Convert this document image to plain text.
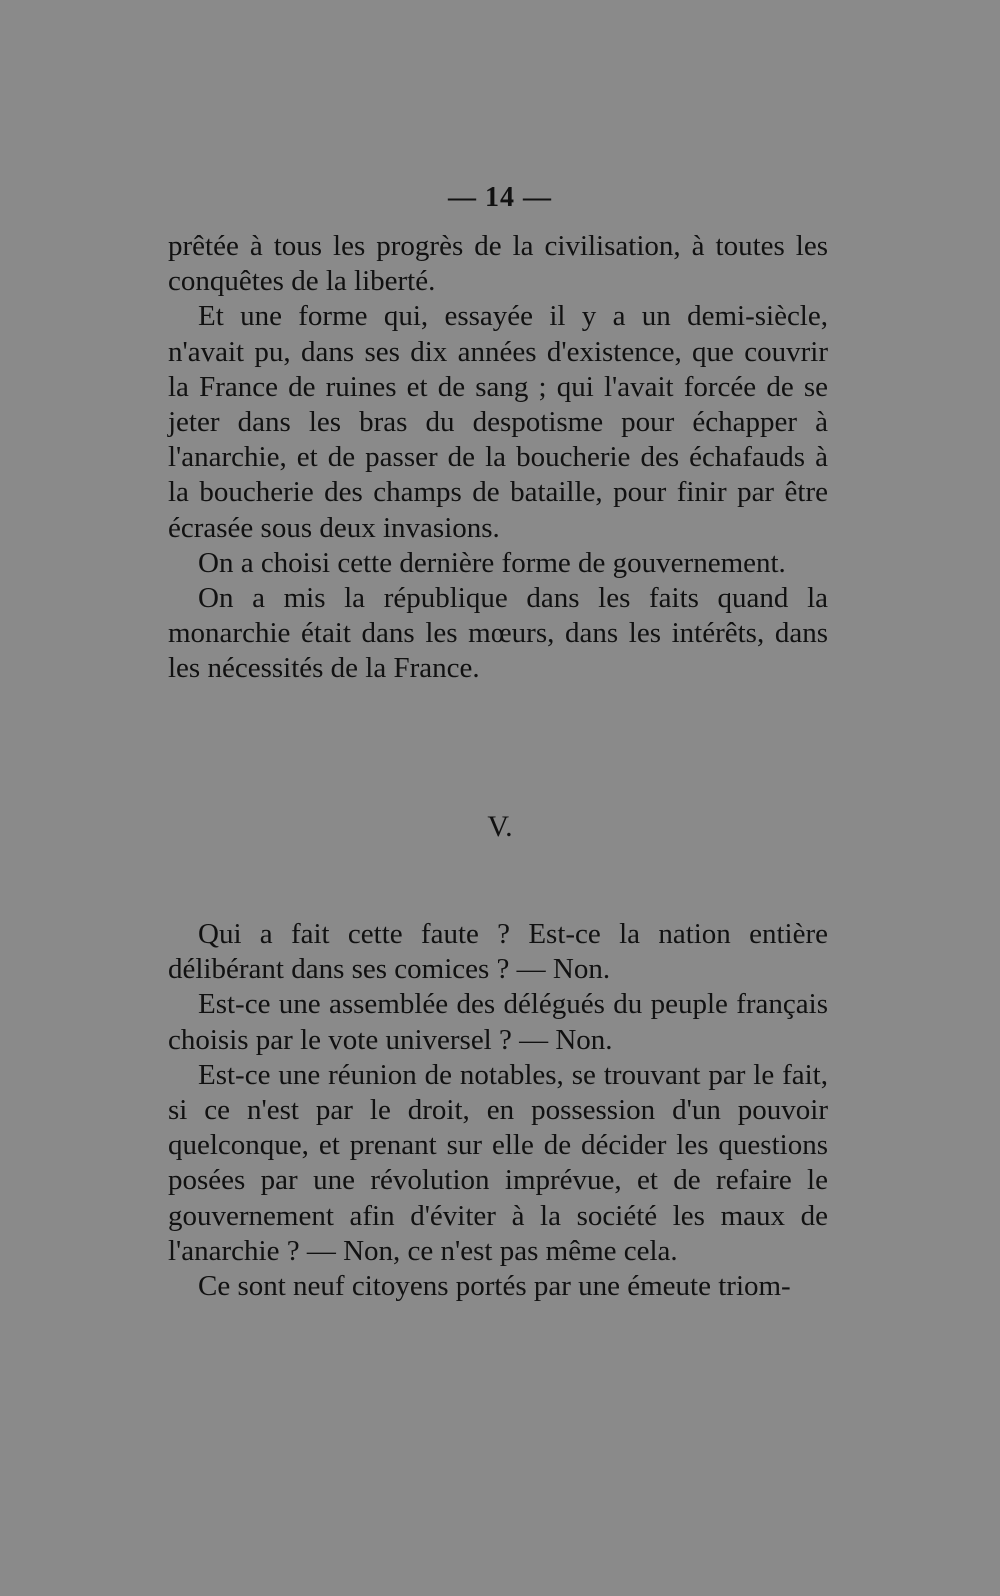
— 14 —

prêtée à tous les progrès de la civilisation, à toutes les conquêtes de la liberté.

Et une forme qui, essayée il y a un demi-siècle, n'avait pu, dans ses dix années d'existence, que couvrir la France de ruines et de sang ; qui l'avait forcée de se jeter dans les bras du despotisme pour échapper à l'anarchie, et de passer de la boucherie des échafauds à la boucherie des champs de bataille, pour finir par être écrasée sous deux invasions.

On a choisi cette dernière forme de gouvernement.

On a mis la république dans les faits quand la monarchie était dans les mœurs, dans les intérêts, dans les nécessités de la France.

V.

Qui a fait cette faute ? Est-ce la nation entière délibérant dans ses comices ? — Non.

Est-ce une assemblée des délégués du peuple français choisis par le vote universel ? — Non.

Est-ce une réunion de notables, se trouvant par le fait, si ce n'est par le droit, en possession d'un pouvoir quelconque, et prenant sur elle de décider les questions posées par une révolution imprévue, et de refaire le gouvernement afin d'éviter à la société les maux de l'anarchie ? — Non, ce n'est pas même cela.

Ce sont neuf citoyens portés par une émeute triom-
